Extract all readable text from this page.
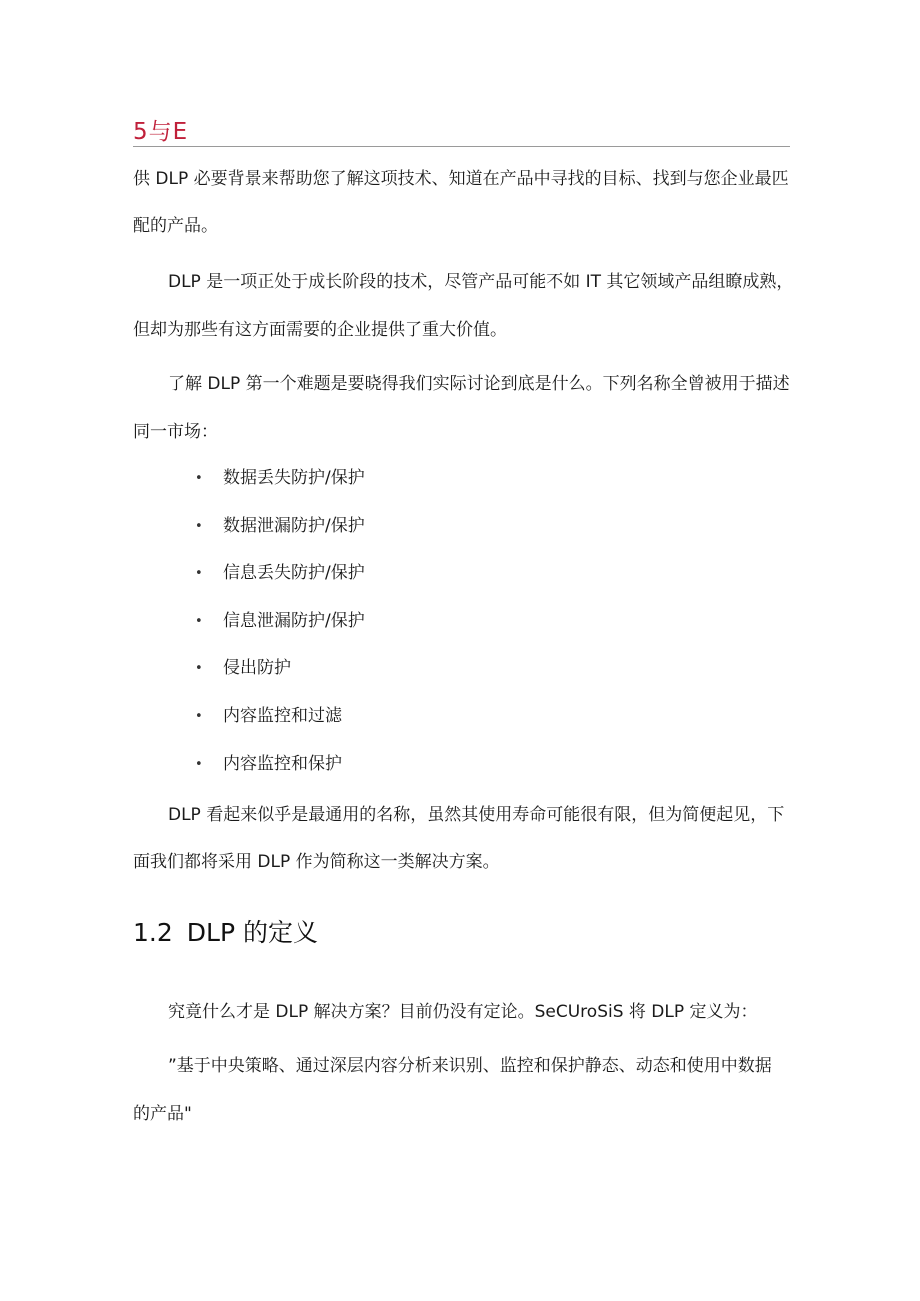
5与E

供 DLP 必要背景来帮助您了解这项技术、知道在产品中寻找的目标、找到与您企业最匹

配的产品。

DLP 是一项正处于成长阶段的技术，尽管产品可能不如 IT 其它领域产品组瞭成熟，

但却为那些有这方面需要的企业提供了重大价值。

了解 DLP 第一个难题是要晓得我们实际讨论到底是什么。下列名称全曾被用于描述

同一市场：

•	数据丢失防护/保护
•	数据泄漏防护/保护
•	信息丢失防护/保护
•	信息泄漏防护/保护
•	侵出防护
•	内容监控和过滤
•	内容监控和保护

DLP 看起来似乎是最通用的名称，虽然其使用寿命可能很有限，但为简便起见，下

面我们都将采用 DLP 作为简称这一类解决方案。

1.2 DLP 的定义

究竟什么才是 DLP 解决方案？目前仍没有定论。SeCUroSiS 将 DLP 定义为：

”基于中央策略、通过深层内容分析来识别、监控和保护静态、动态和使用中数据

的产品"
